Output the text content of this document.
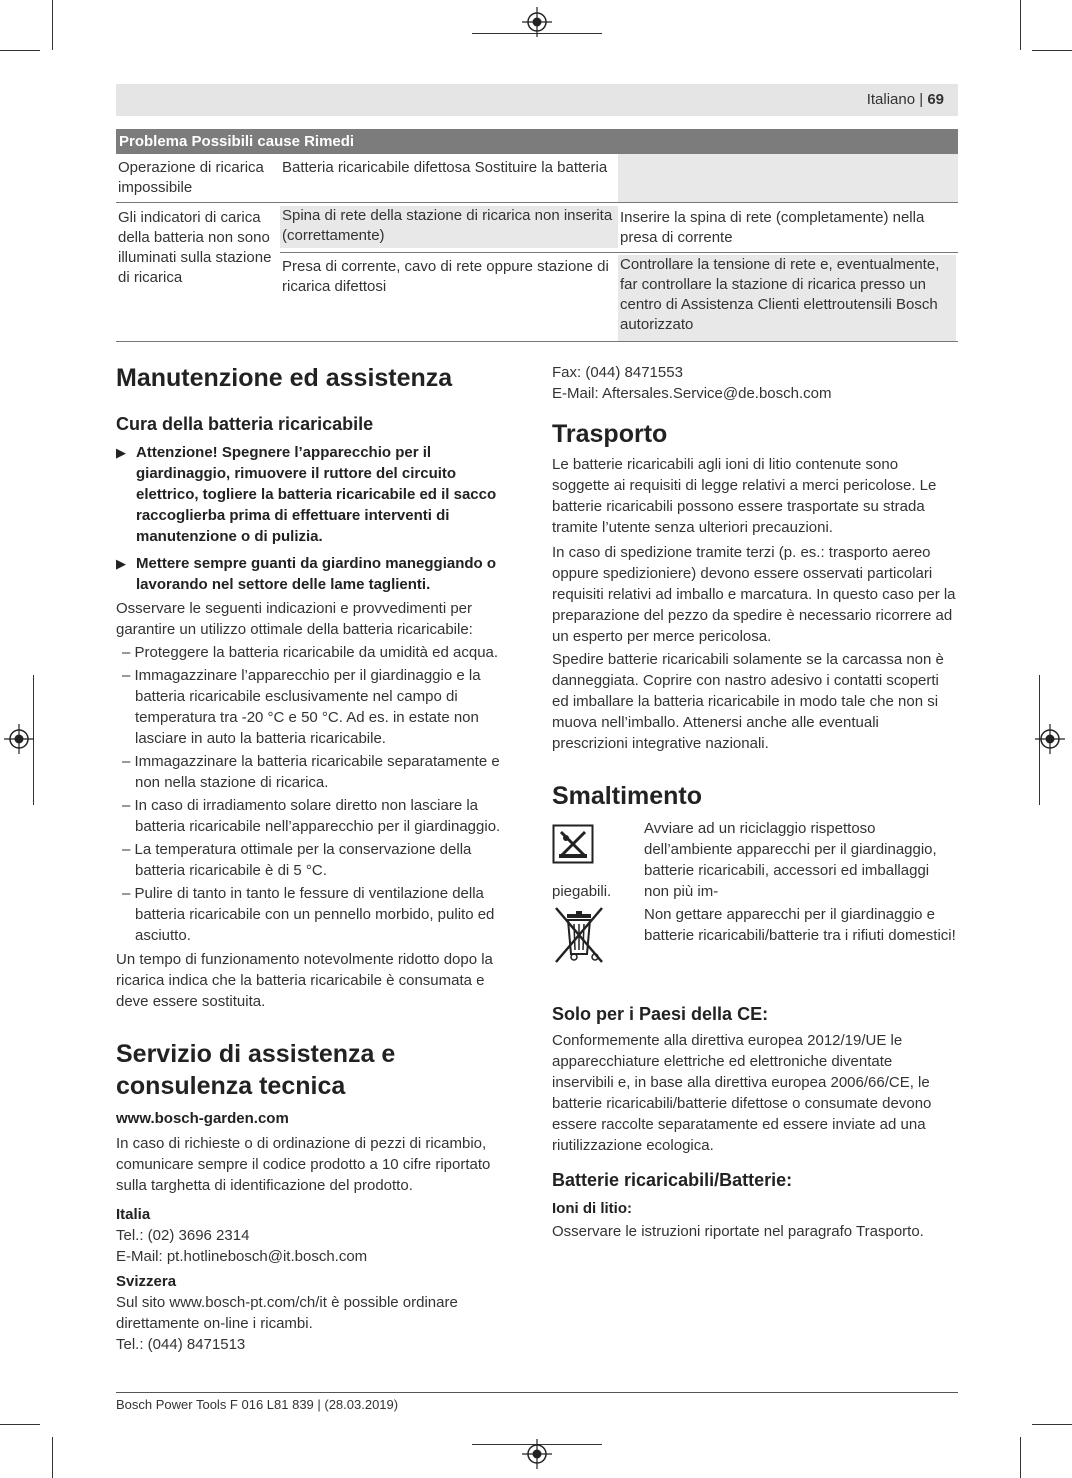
Italiano | 69
Problema Possibili cause Rimedi
Operazione di ricarica impossibile
Batteria ricaricabile difettosa Sostituire la batteria
Gli indicatori di carica della batteria non sono illuminati sulla stazione di ricarica
Spina di rete della stazione di ricarica non inserita (correttamente)
Inserire la spina di rete (completamente) nella presa di corrente
Presa di corrente, cavo di rete oppure stazione di ricarica difettosi
Controllare la tensione di rete e, eventualmente, far controllare la stazione di ricarica presso un centro di Assistenza Clienti elettroutensili Bosch autorizzato
Manutenzione ed assistenza
Cura della batteria ricaricabile
▶ Attenzione! Spegnere l’apparecchio per il giardinaggio, rimuovere il ruttore del circuito elettrico, togliere la batteria ricaricabile ed il sacco raccoglierba prima di effettuare interventi di manutenzione o di pulizia.
▶ Mettere sempre guanti da giardino maneggiando o lavorando nel settore delle lame taglienti.

Osservare le seguenti indicazioni e provvedimenti per garantire un utilizzo ottimale della batteria ricaricabile:

– Proteggere la batteria ricaricabile da umidità ed acqua.

– Immagazzinare l’apparecchio per il giardinaggio e la batteria ricaricabile esclusivamente nel campo di temperatura tra -20 °C e 50 °C. Ad es. in estate non lasciare in auto la batteria ricaricabile.

– Immagazzinare la batteria ricaricabile separatamente e non nella stazione di ricarica.

– In caso di irradiamento solare diretto non lasciare la batteria ricaricabile nell’apparecchio per il giardinaggio.

– La temperatura ottimale per la conservazione della batteria ricaricabile è di 5 °C.

– Pulire di tanto in tanto le fessure di ventilazione della batteria ricaricabile con un pennello morbido, pulito ed asciutto.

Un tempo di funzionamento notevolmente ridotto dopo la ricarica indica che la batteria ricaricabile è consumata e deve essere sostituita.

Servizio di assistenza e consulenza tecnica
www.bosch-garden.com

In caso di richieste o di ordinazione di pezzi di ricambio, comunicare sempre il codice prodotto a 10 cifre riportato sulla targhetta di identificazione del prodotto.

Italia

Tel.: (02) 3696 2314

E-Mail: pt.hotlinebosch@it.bosch.com

Svizzera

Sul sito www.bosch-pt.com/ch/it è possible ordinare direttamente on-line i ricambi.

Tel.: (044) 8471513

Fax: (044) 8471553

E-Mail: Aftersales.Service@de.bosch.com

Trasporto

Le batterie ricaricabili agli ioni di litio contenute sono soggette ai requisiti di legge relativi a merci pericolose. Le batterie ricaricabili possono essere trasportate su strada tramite l’utente senza ulteriori precauzioni.

In caso di spedizione tramite terzi (p. es.: trasporto aereo oppure spedizioniere) devono essere osservati particolari requisiti relativi ad imballo e marcatura. In questo caso per la preparazione del pezzo da spedire è necessario ricorrere ad un esperto per merce pericolosa.

Spedire batterie ricaricabili solamente se la carcassa non è danneggiata. Coprire con nastro adesivo i contatti scoperti ed imballare la batteria ricaricabile in modo tale che non si muova nell’imballo. Attenersi anche alle eventuali prescrizioni integrative nazionali.

Smaltimento

Avviare ad un riciclaggio rispettoso dell’ambiente apparecchi per il giardinaggio, batterie ricaricabili, accessori ed imballaggi non più im-

piegabili.

Non gettare apparecchi per il giardinaggio e batterie ricaricabili/batterie tra i rifiuti domestici!

Solo per i Paesi della CE:

Conformemente alla direttiva europea 2012/19/UE le apparecchiature elettriche ed elettroniche diventate inservibili e, in base alla direttiva europea 2006/66/CE, le batterie ricaricabili/batterie difettose o consumate devono essere raccolte separatamente ed essere inviate ad una riutilizzazione ecologica.

Batterie ricaricabili/Batterie:
Ioni di litio:

Osservare le istruzioni riportate nel paragrafo Trasporto.

Bosch Power Tools F 016 L81 839 | (28.03.2019)
